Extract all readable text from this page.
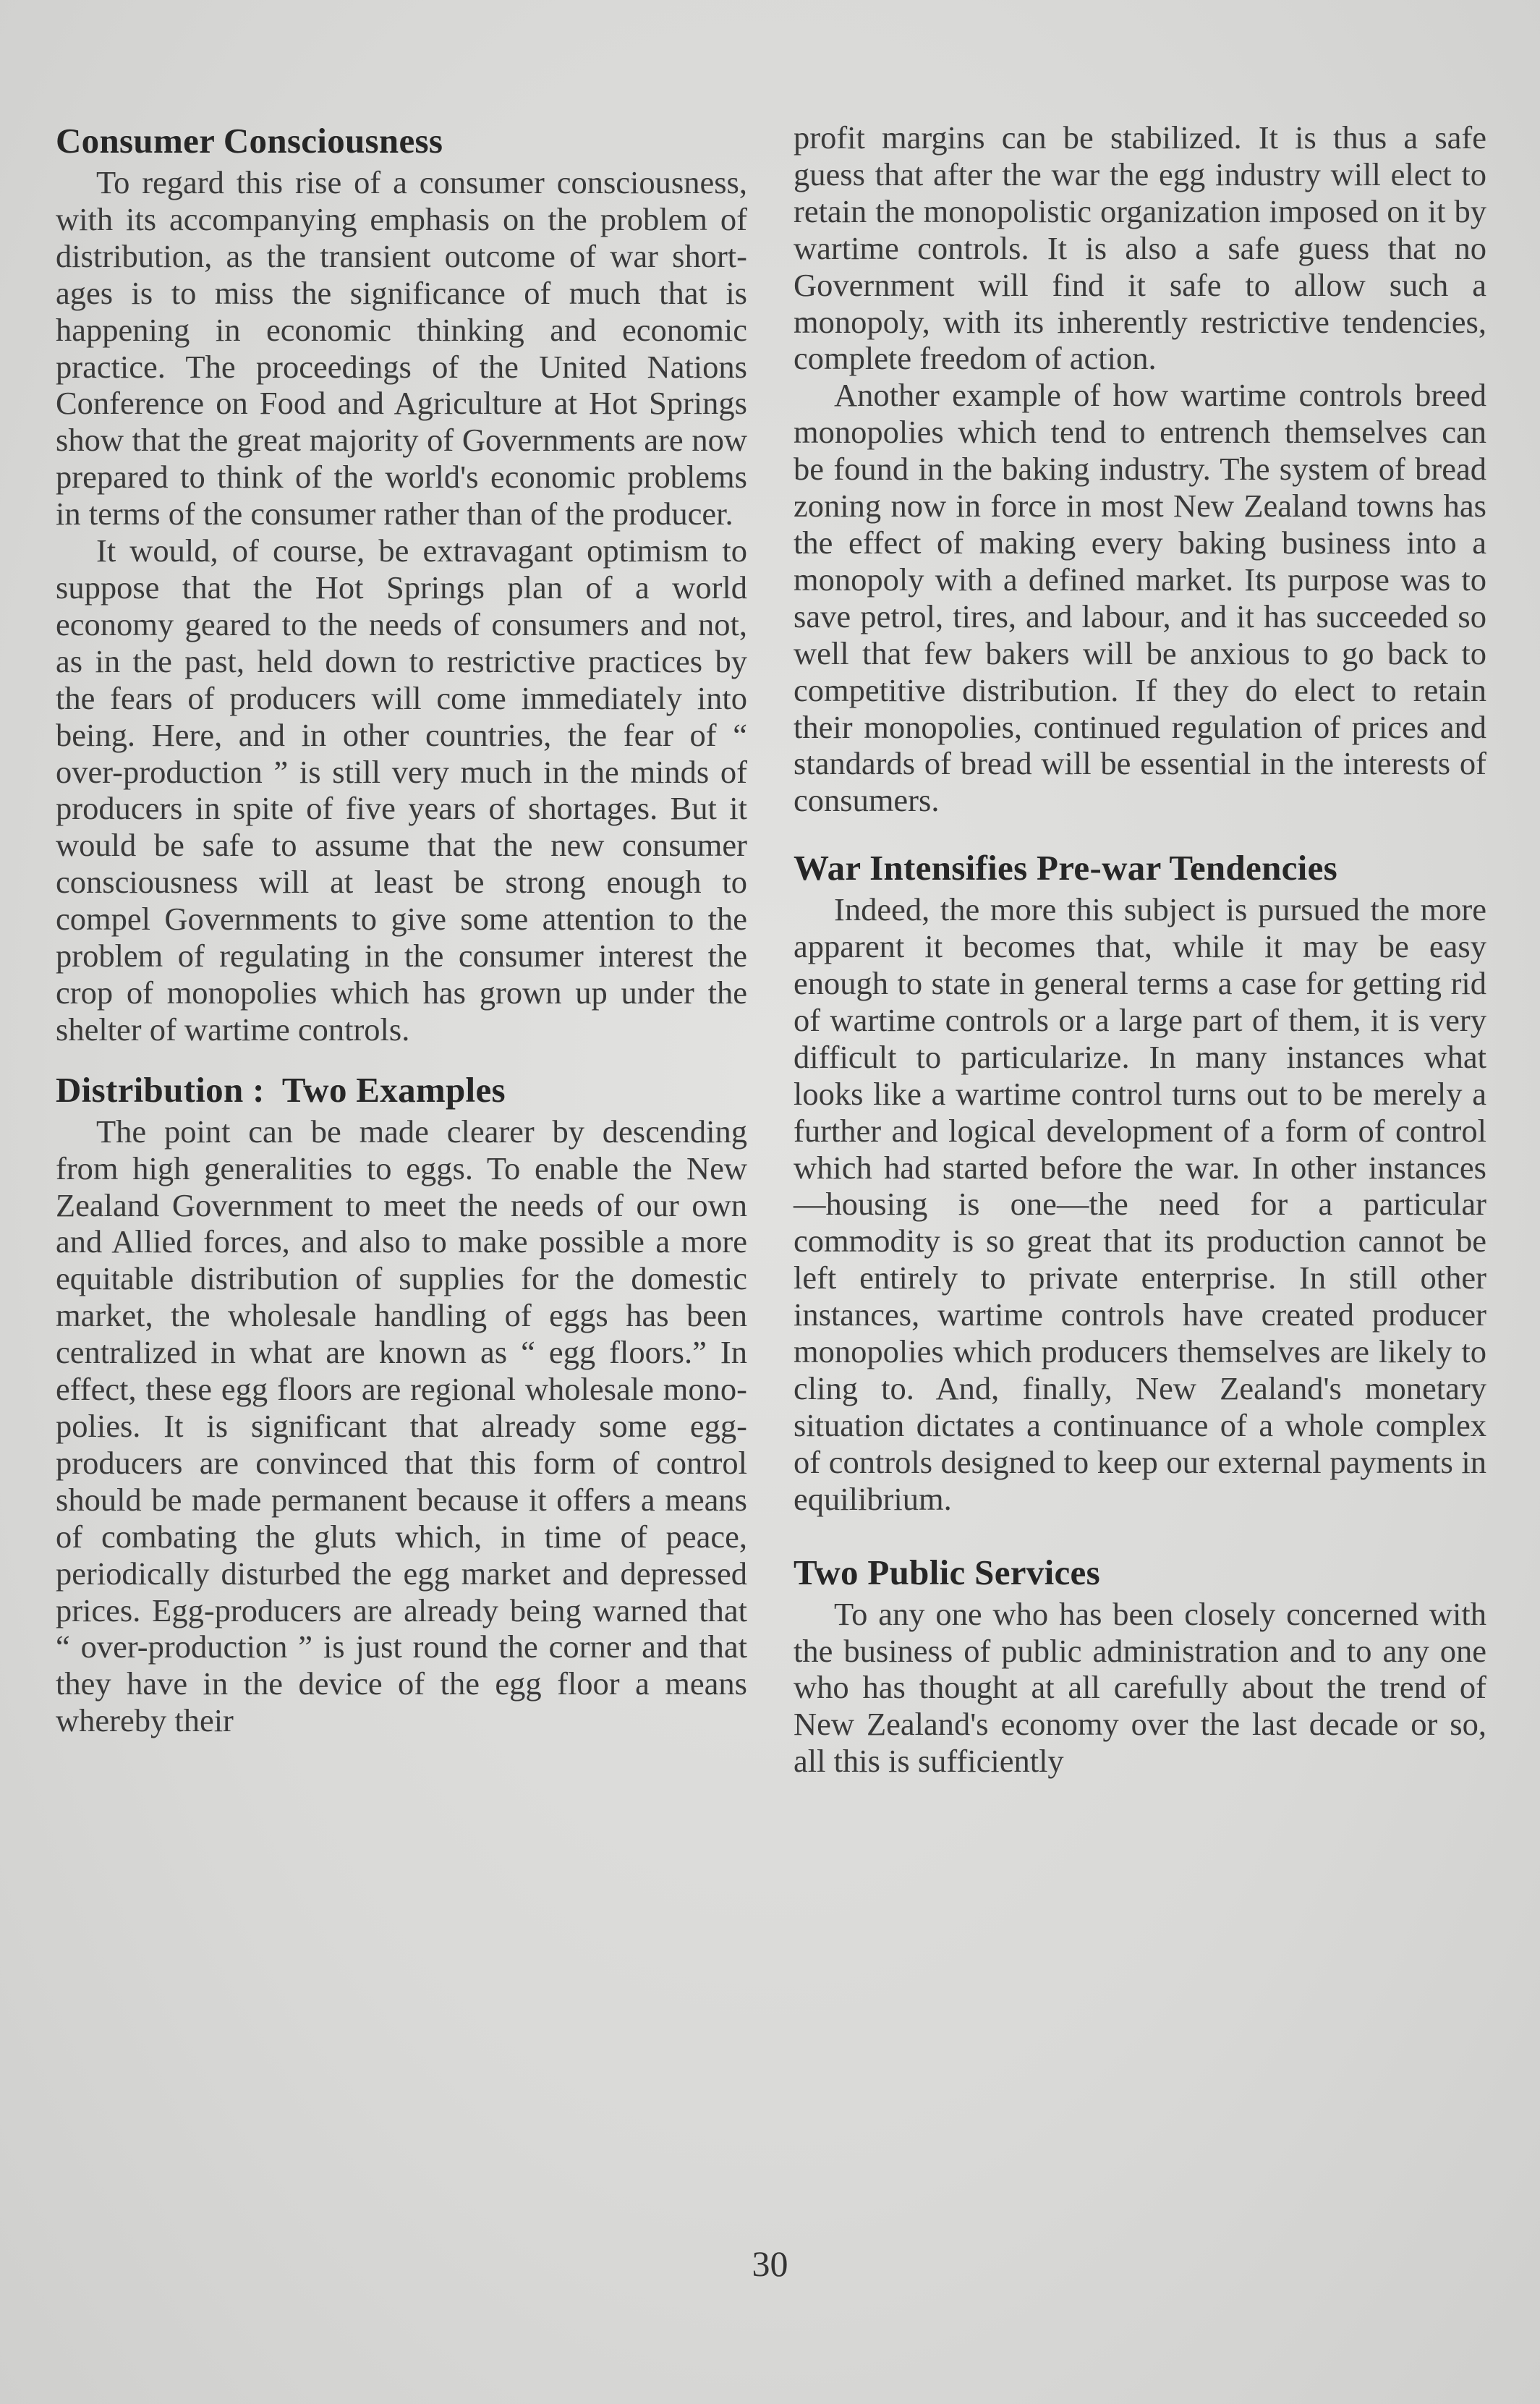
Consumer Consciousness

To regard this rise of a consumer consciousness, with its accompanying emphasis on the problem of distribution, as the transient outcome of war shortages is to miss the significance of much that is happening in economic thinking and economic practice. The proceedings of the United Nations Conference on Food and Agriculture at Hot Springs show that the great majority of Governments are now prepared to think of the world's economic problems in terms of the consumer rather than of the producer.

It would, of course, be extravagant optimism to suppose that the Hot Springs plan of a world economy geared to the needs of consumers and not, as in the past, held down to restrictive practices by the fears of producers will come immediately into being. Here, and in other countries, the fear of “ over-production ” is still very much in the minds of producers in spite of five years of shortages. But it would be safe to assume that the new consumer consciousness will at least be strong enough to compel Governments to give some attention to the problem of regulating in the consumer interest the crop of monopolies which has grown up under the shelter of wartime controls.

Distribution :  Two Examples

The point can be made clearer by descending from high generalities to eggs. To enable the New Zealand Government to meet the needs of our own and Allied forces, and also to make possible a more equitable distribution of supplies for the domestic market, the wholesale handling of eggs has been centralized in what are known as “ egg floors.” In effect, these egg floors are regional wholesale monopolies. It is significant that already some egg-producers are convinced that this form of control should be made permanent because it offers a means of combating the gluts which, in time of peace, periodically disturbed the egg market and depressed prices. Egg-producers are already being warned that “ over-production ” is just round the corner and that they have in the device of the egg floor a means whereby their

profit margins can be stabilized. It is thus a safe guess that after the war the egg industry will elect to retain the monopolistic organization imposed on it by wartime controls. It is also a safe guess that no Government will find it safe to allow such a monopoly, with its inherently restrictive tendencies, complete freedom of action.

Another example of how wartime controls breed monopolies which tend to entrench themselves can be found in the baking industry. The system of bread zoning now in force in most New Zealand towns has the effect of making every baking business into a monopoly with a defined market. Its purpose was to save petrol, tires, and labour, and it has succeeded so well that few bakers will be anxious to go back to competitive distribution. If they do elect to retain their monopolies, continued regulation of prices and standards of bread will be essential in the interests of consumers.

War Intensifies Pre-war Tendencies

Indeed, the more this subject is pursued the more apparent it becomes that, while it may be easy enough to state in general terms a case for getting rid of wartime controls or a large part of them, it is very difficult to particularize. In many instances what looks like a wartime control turns out to be merely a further and logical development of a form of control which had started before the war. In other instances—housing is one—the need for a particular commodity is so great that its production cannot be left entirely to private enterprise. In still other instances, wartime controls have created producer monopolies which producers themselves are likely to cling to. And, finally, New Zealand's monetary situation dictates a continuance of a whole complex of controls designed to keep our external payments in equilibrium.

Two Public Services

To any one who has been closely concerned with the business of public administration and to any one who has thought at all carefully about the trend of New Zealand's economy over the last decade or so, all this is sufficiently

30
